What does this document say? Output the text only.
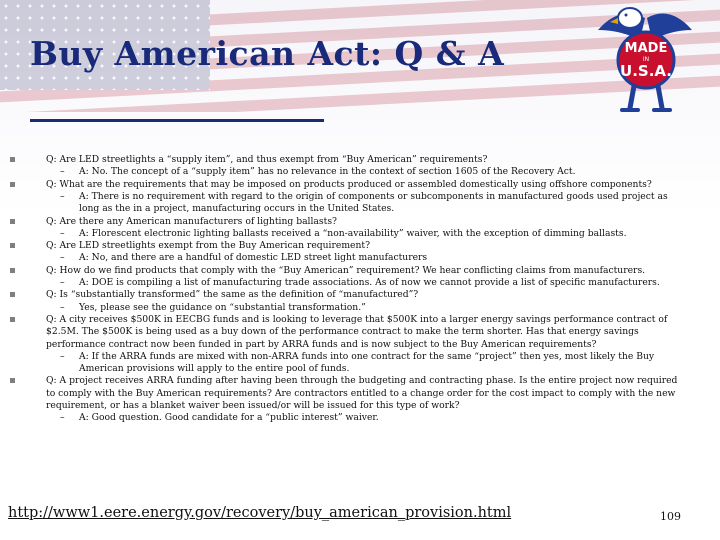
Buy American Act: Q & A	MADE
IN
U.S.A.
Q: Are LED streetlights a “supply item”, and thus exempt from “Buy American” requirements?
– A: No. The concept of a “supply item” has no relevance in the context of section 1605 of the Recovery Act.
Q: What are the requirements that may be imposed on products produced or assembled domestically using offshore components?
– A: There is no requirement with regard to the origin of components or subcomponents in manufactured goods used project as
long as the in a project, manufacturing occurs in the United States.
Q: Are there any American manufacturers of lighting ballasts?
– A: Florescent electronic lighting ballasts received a “non-availability” waiver, with the exception of dimming ballasts.
Q: Are LED streetlights exempt from the Buy American requirement?
– A: No, and there are a handful of domestic LED street light manufacturers
Q: How do we find products that comply with the “Buy American” requirement? We hear conflicting claims from manufacturers.
– A: DOE is compiling a list of manufacturing trade associations. As of now we cannot provide a list of specific manufacturers.
Q: Is “substantially transformed” the same as the definition of “manufactured”?
– Yes, please see the guidance on “substantial transformation.”
Q: A city receives $500K in EECBG funds and is looking to leverage that $500K into a larger energy savings performance contract of
$2.5M. The $500K is being used as a buy down of the performance contract to make the term shorter. Has that energy savings
performance contract now been funded in part by ARRA funds and is now subject to the Buy American requirements?
– A: If the ARRA funds are mixed with non-ARRA funds into one contract for the same “project” then yes, most likely the Buy
American provisions will apply to the entire pool of funds.
Q: A project receives ARRA funding after having been through the budgeting and contracting phase. Is the entire project now required
to comply with the Buy American requirements? Are contractors entitled to a change order for the cost impact to comply with the new
requirement, or has a blanket waiver been issued/or will be issued for this type of work?
– A: Good question. Good candidate for a “public interest” waiver.
http://www1.eere.energy.gov/recovery/buy_american_provision.html	109
